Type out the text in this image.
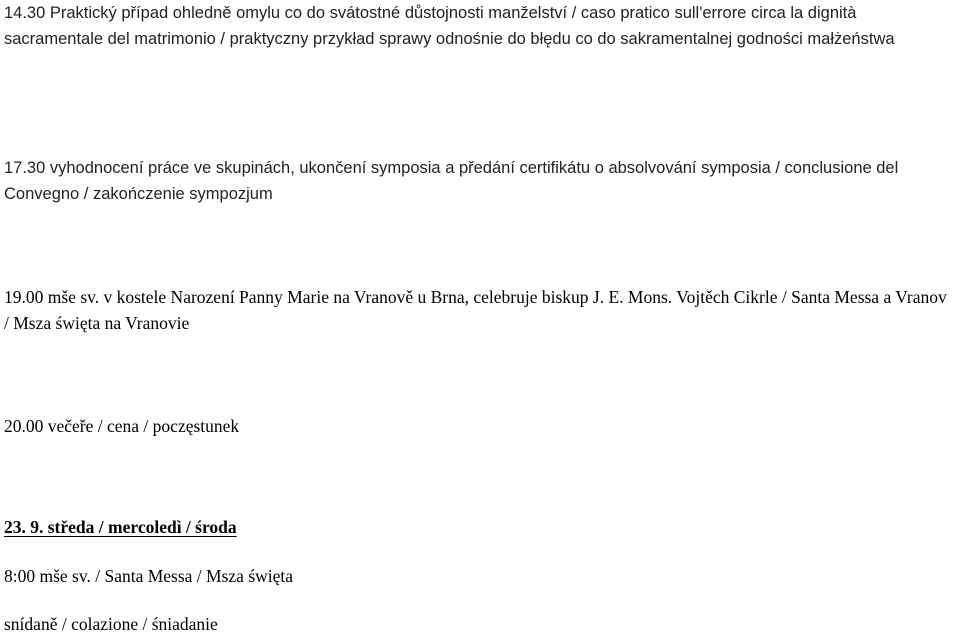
14.30 Praktický případ ohledně omylu co do svátostné důstojnosti manželství / caso pratico sull'errore circa la dignità sacramentale del matrimonio / praktyczny przykład sprawy odnośnie do błędu co do sakramentalnej godności małżeństwa

17.30 vyhodnocení práce ve skupinách, ukončení symposia a předání certifikátu o absolvování symposia / conclusione del Convegno / zakończenie sympozjum

19.00 mše sv. v kostele Narození Panny Marie na Vranově u Brna, celebruje biskup J. E. Mons. Vojtěch Cikrle / Santa Messa a Vranov / Msza święta na Vranovie

20.00 večeře / cena / poczęstunek

23. 9. středa / mercoledì / środa

8:00 mše sv. / Santa Messa / Msza święta

snídaně / colazione / śniadanie
